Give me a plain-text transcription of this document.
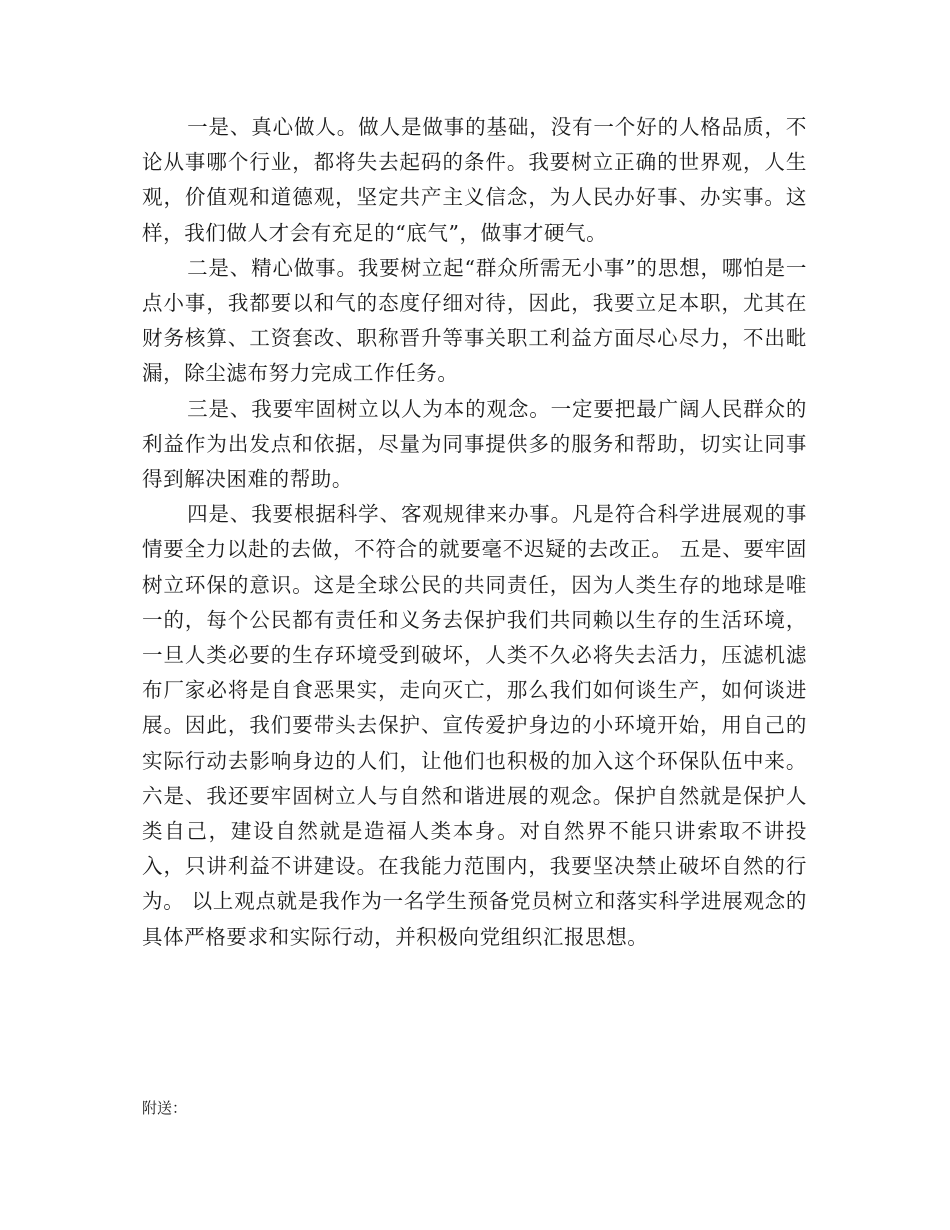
一是、真心做人。做人是做事的基础，没有一个好的人格品质，不论从事哪个行业，都将失去起码的条件。我要树立正确的世界观，人生观，价值观和道德观，坚定共产主义信念，为人民办好事、办实事。这样，我们做人才会有充足的“底气”，做事才硬气。

二是、精心做事。我要树立起“群众所需无小事”的思想，哪怕是一点小事，我都要以和气的态度仔细对待，因此，我要立足本职，尤其在财务核算、工资套改、职称晋升等事关职工利益方面尽心尽力，不出毗漏，除尘滤布努力完成工作任务。

三是、我要牢固树立以人为本的观念。一定要把最广阔人民群众的利益作为出发点和依据，尽量为同事提供多的服务和帮助，切实让同事得到解决困难的帮助。

四是、我要根据科学、客观规律来办事。凡是符合科学进展观的事情要全力以赴的去做，不符合的就要毫不迟疑的去改正。 五是、要牢固树立环保的意识。这是全球公民的共同责任，因为人类生存的地球是唯一的，每个公民都有责任和义务去保护我们共同赖以生存的生活环境，一旦人类必要的生存环境受到破坏，人类不久必将失去活力，压滤机滤布厂家必将是自食恶果实，走向灭亡，那么我们如何谈生产，如何谈进展。因此，我们要带头去保护、宣传爱护身边的小环境开始，用自己的实际行动去影响身边的人们，让他们也积极的加入这个环保队伍中来。 六是、我还要牢固树立人与自然和谐进展的观念。保护自然就是保护人类自己，建设自然就是造福人类本身。对自然界不能只讲索取不讲投入，只讲利益不讲建设。在我能力范围内，我要坚决禁止破坏自然的行为。 以上观点就是我作为一名学生预备党员树立和落实科学进展观念的具体严格要求和实际行动，并积极向党组织汇报思想。

附送：
